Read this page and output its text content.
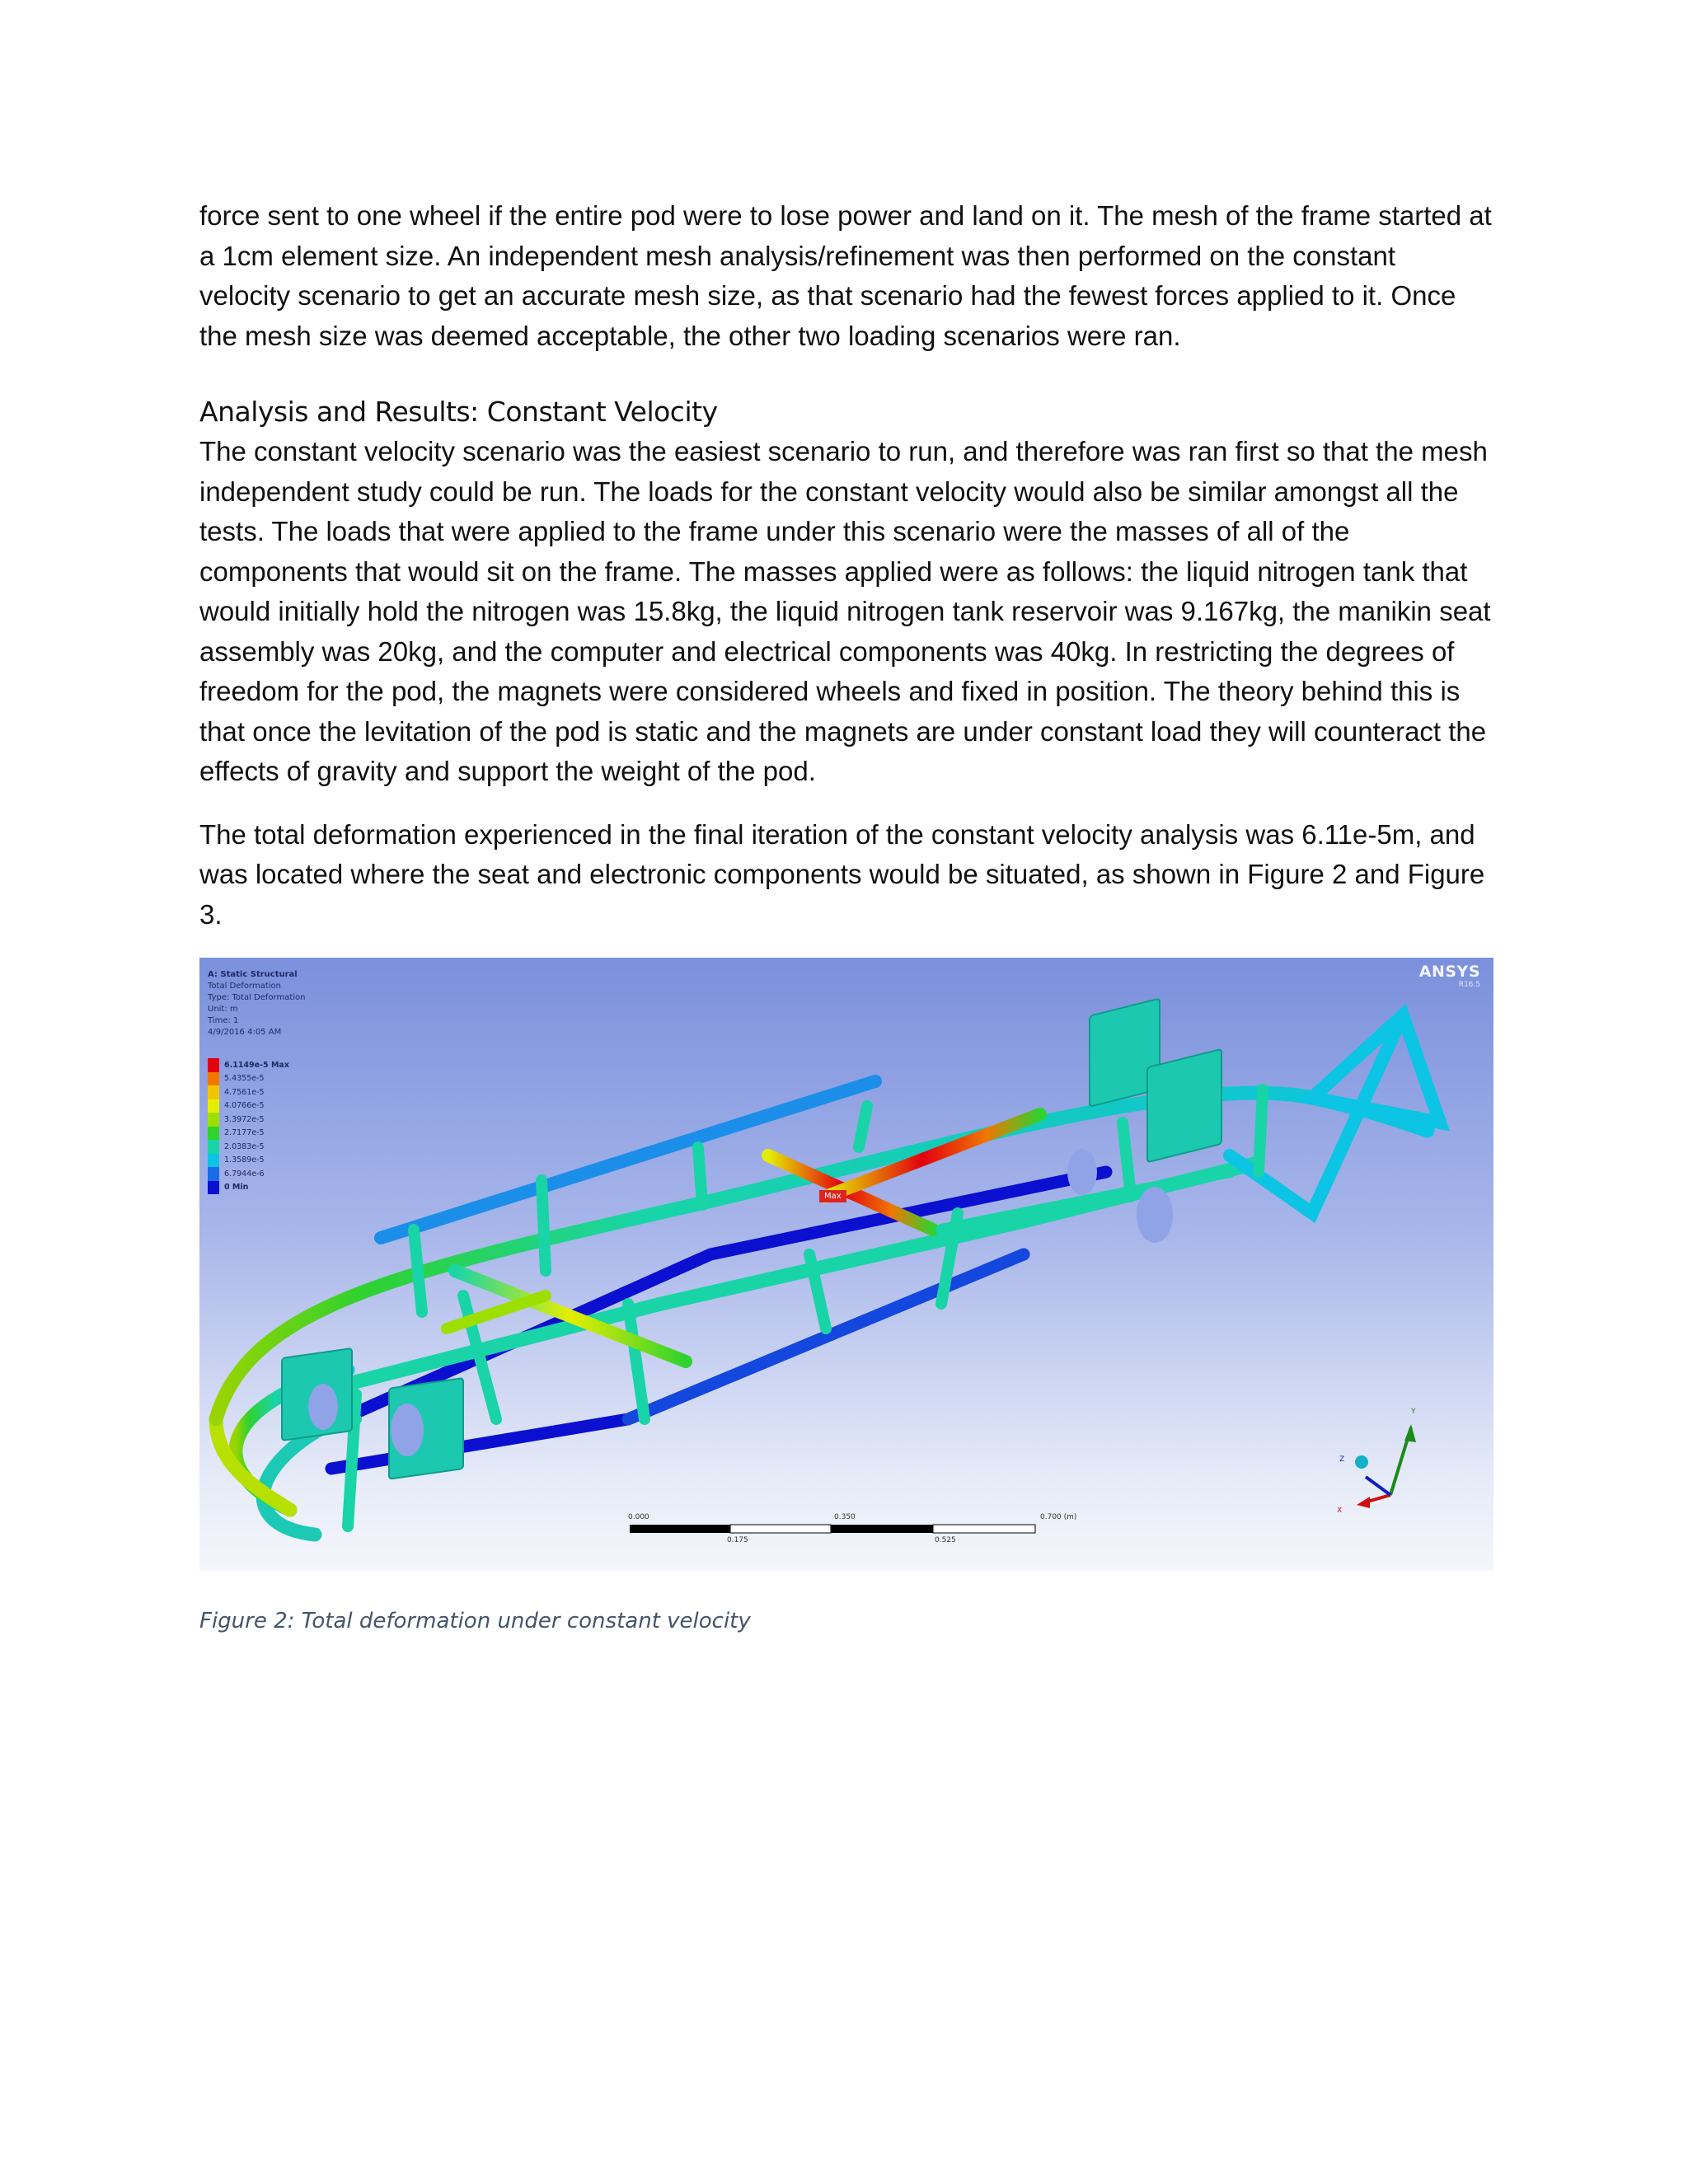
force sent to one wheel if the entire pod were to lose power and land on it. The mesh of the frame started at a 1cm element size. An independent mesh analysis/refinement was then performed on the constant velocity scenario to get an accurate mesh size, as that scenario had the fewest forces applied to it. Once the mesh size was deemed acceptable, the other two loading scenarios were ran.

Analysis and Results: Constant Velocity

The constant velocity scenario was the easiest scenario to run, and therefore was ran first so that the mesh independent study could be run. The loads for the constant velocity would also be similar amongst all the tests. The loads that were applied to the frame under this scenario were the masses of all of the components that would sit on the frame. The masses applied were as follows: the liquid nitrogen tank that would initially hold the nitrogen was 15.8kg, the liquid nitrogen tank reservoir was 9.167kg, the manikin seat assembly was 20kg, and the computer and electrical components was 40kg. In restricting the degrees of freedom for the pod, the magnets were considered wheels and fixed in position. The theory behind this is that once the levitation of the pod is static and the magnets are under constant load they will counteract the effects of gravity and support the weight of the pod.

The total deformation experienced in the final iteration of the constant velocity analysis was 6.11e-5m, and was located where the seat and electronic components would be situated, as shown in Figure 2 and Figure 3.

A: Static Structural
Total Deformation
Type: Total Deformation
Unit: m
Time: 1
4/9/2016 4:05 AM
6.1149e-5 Max
5.4355e-5
4.7561e-5
4.0766e-5
3.3972e-5
2.7177e-5
2.0383e-5
1.3589e-5
6.7944e-6
0 Min
ANSYS
R16.5
Max
0.000	0.350	0.700 (m)
0.175	0.525
Y
X
Z
Figure 2: Total deformation under constant velocity
